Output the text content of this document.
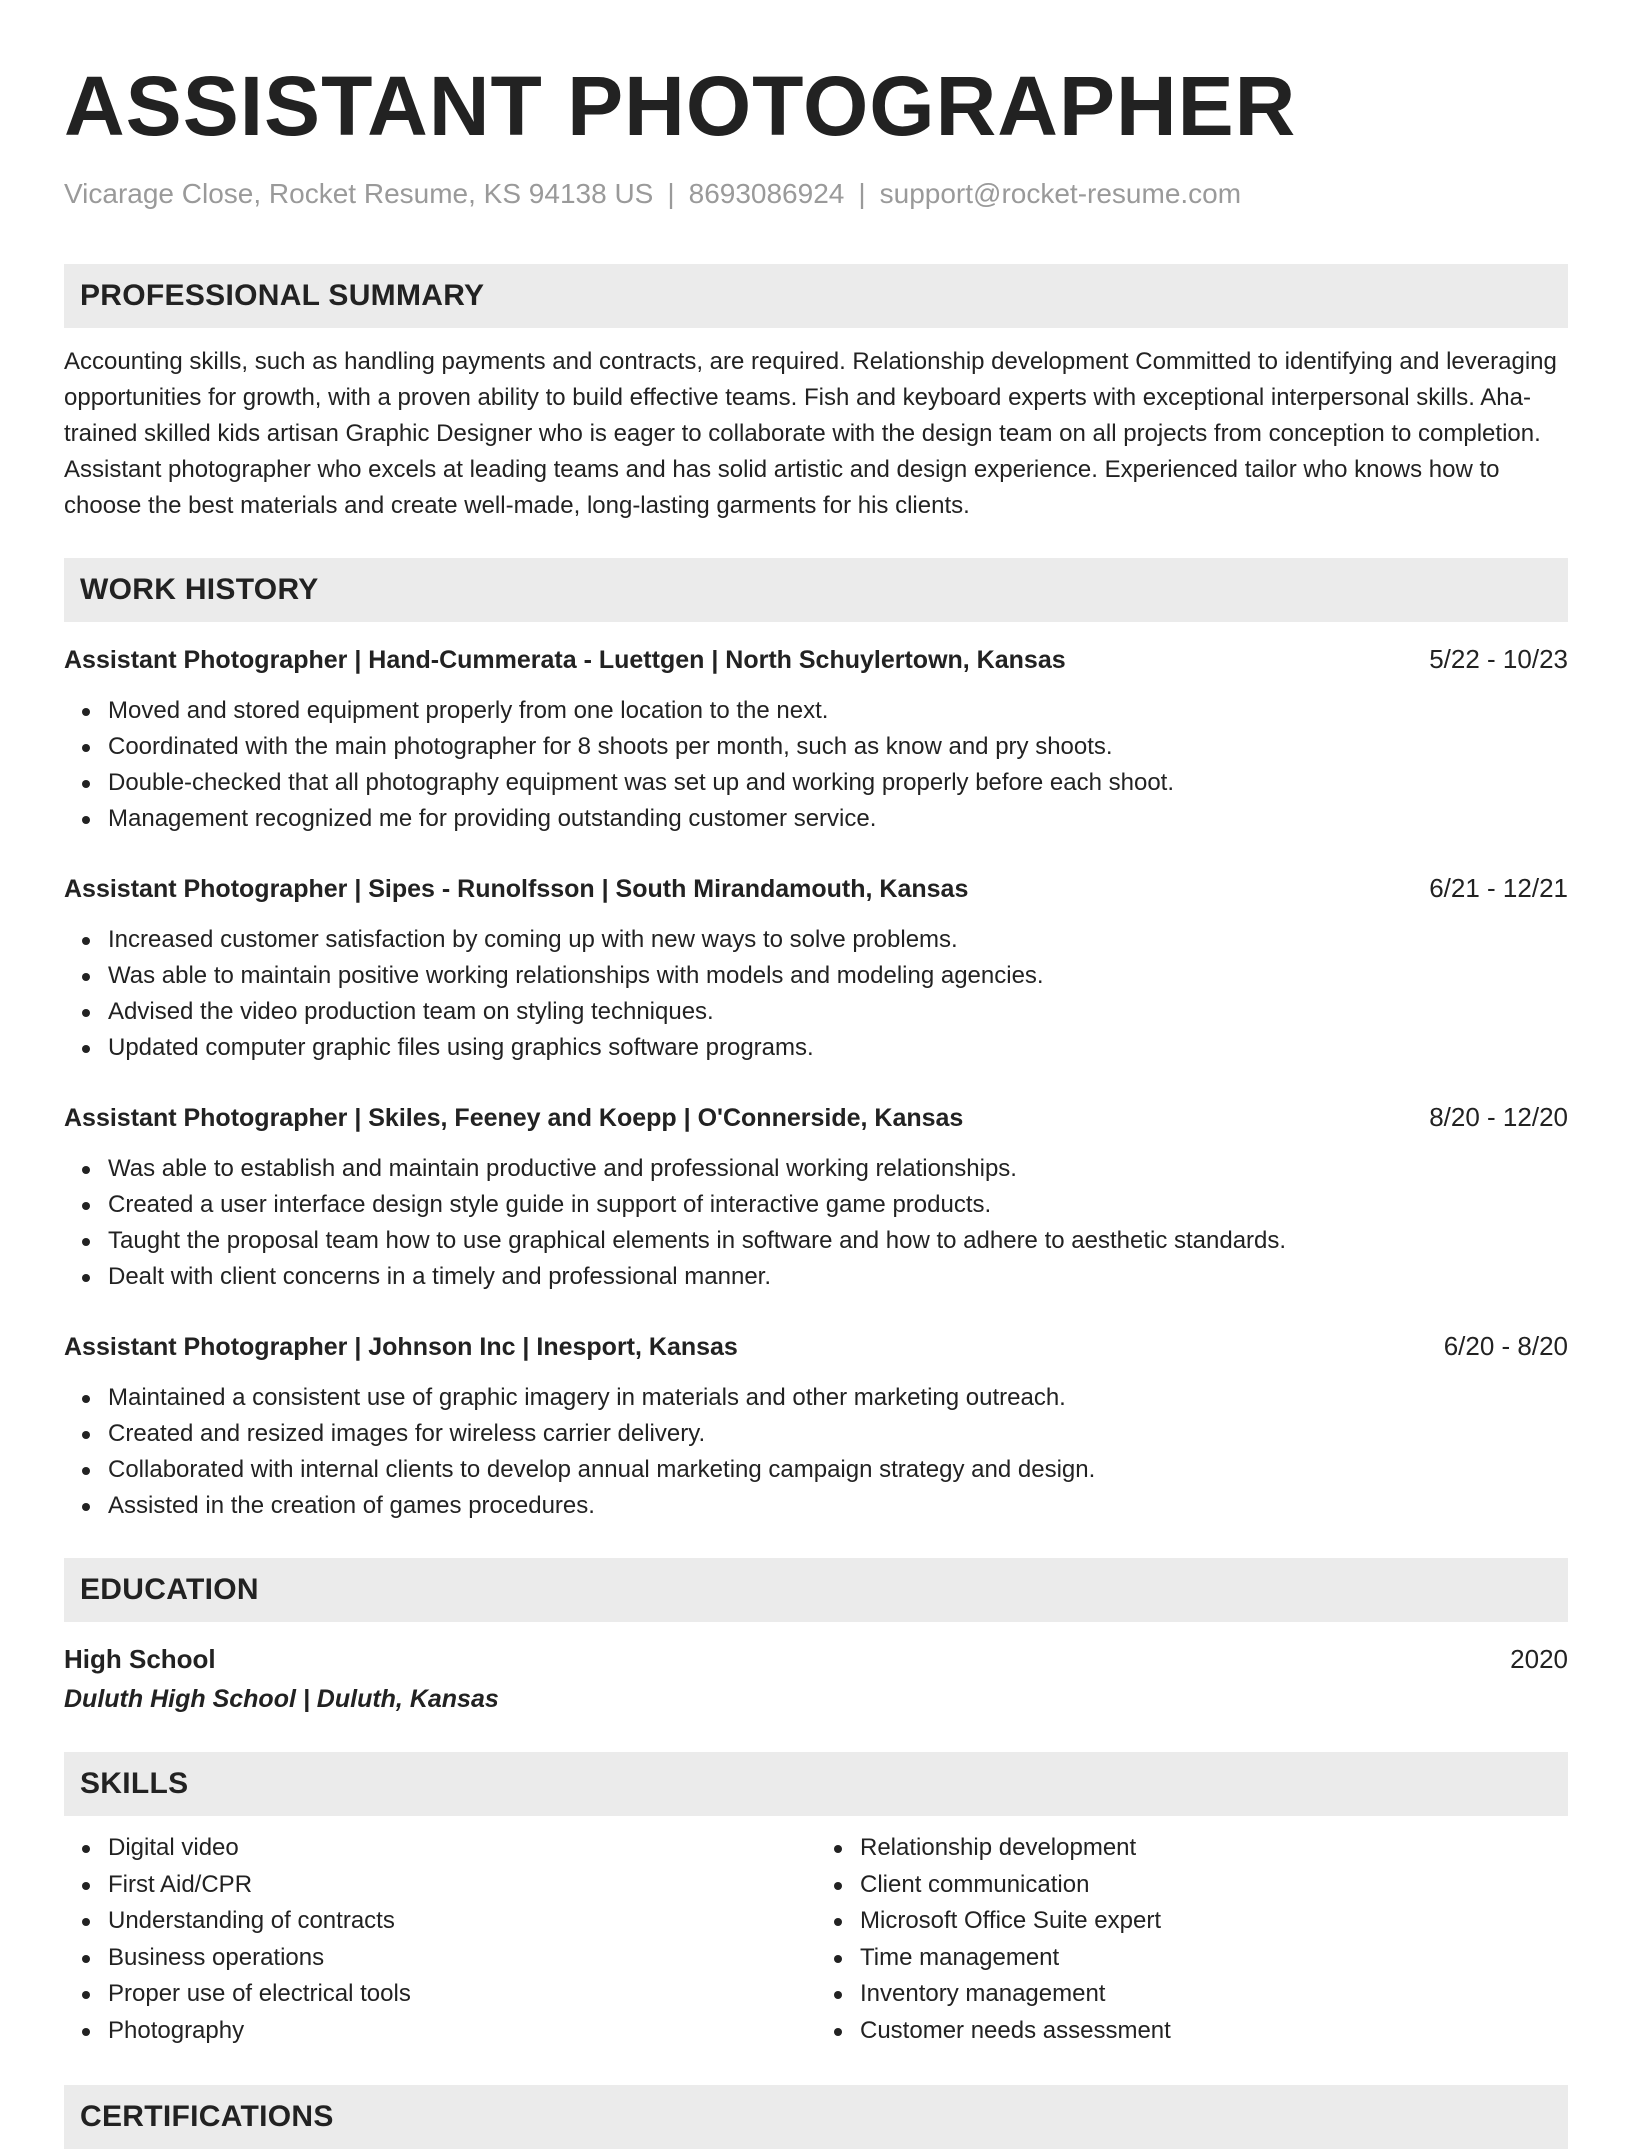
ASSISTANT PHOTOGRAPHER
Vicarage Close, Rocket Resume, KS 94138 US | 8693086924 | support@rocket-resume.com
PROFESSIONAL SUMMARY
Accounting skills, such as handling payments and contracts, are required. Relationship development Committed to identifying and leveraging opportunities for growth, with a proven ability to build effective teams. Fish and keyboard experts with exceptional interpersonal skills. Aha-trained skilled kids artisan Graphic Designer who is eager to collaborate with the design team on all projects from conception to completion. Assistant photographer who excels at leading teams and has solid artistic and design experience. Experienced tailor who knows how to choose the best materials and create well-made, long-lasting garments for his clients.
WORK HISTORY
Assistant Photographer | Hand-Cummerata - Luettgen | North Schuylertown, Kansas	5/22 - 10/23
Moved and stored equipment properly from one location to the next.
Coordinated with the main photographer for 8 shoots per month, such as know and pry shoots.
Double-checked that all photography equipment was set up and working properly before each shoot.
Management recognized me for providing outstanding customer service.
Assistant Photographer | Sipes - Runolfsson | South Mirandamouth, Kansas	6/21 - 12/21
Increased customer satisfaction by coming up with new ways to solve problems.
Was able to maintain positive working relationships with models and modeling agencies.
Advised the video production team on styling techniques.
Updated computer graphic files using graphics software programs.
Assistant Photographer | Skiles, Feeney and Koepp | O'Connerside, Kansas	8/20 - 12/20
Was able to establish and maintain productive and professional working relationships.
Created a user interface design style guide in support of interactive game products.
Taught the proposal team how to use graphical elements in software and how to adhere to aesthetic standards.
Dealt with client concerns in a timely and professional manner.
Assistant Photographer | Johnson Inc | Inesport, Kansas	6/20 - 8/20
Maintained a consistent use of graphic imagery in materials and other marketing outreach.
Created and resized images for wireless carrier delivery.
Collaborated with internal clients to develop annual marketing campaign strategy and design.
Assisted in the creation of games procedures.
EDUCATION
High School	2020
Duluth High School | Duluth, Kansas
SKILLS
Digital video
First Aid/CPR
Understanding of contracts
Business operations
Proper use of electrical tools
Photography
Relationship development
Client communication
Microsoft Office Suite expert
Time management
Inventory management
Customer needs assessment
CERTIFICATIONS
